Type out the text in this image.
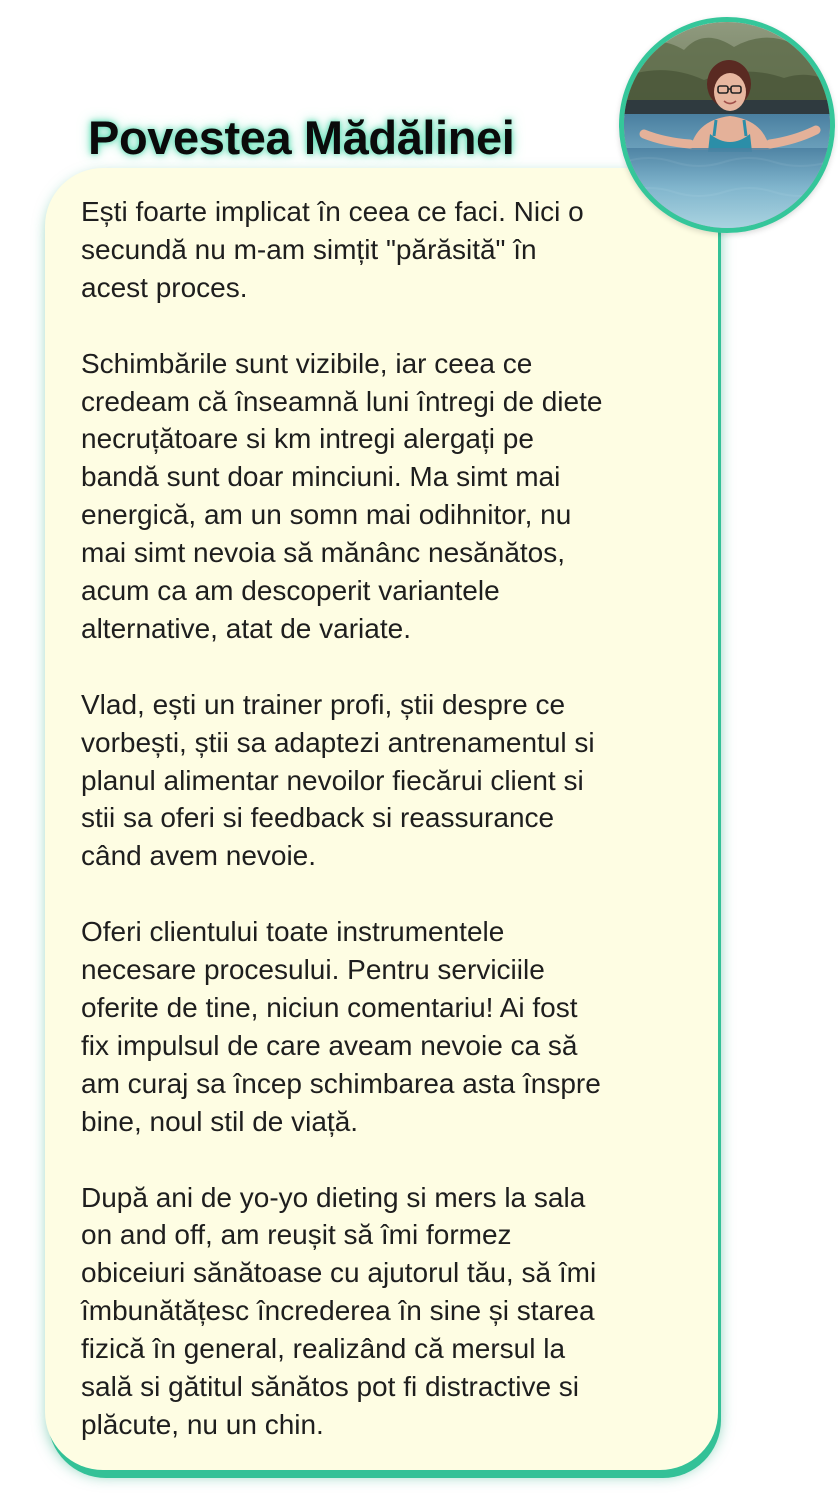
Povestea Mădălinei

Ești foarte implicat în ceea ce faci. Nici o
secundă nu m-am simțit "părăsită" în
acest proces.

Schimbările sunt vizibile, iar ceea ce
credeam că înseamnă luni întregi de diete
necruțătoare si km intregi alergați pe
bandă sunt doar minciuni. Ma simt mai
energică, am un somn mai odihnitor, nu
mai simt nevoia să mănânc nesănătos,
acum ca am descoperit variantele
alternative, atat de variate.

Vlad, ești un trainer profi, știi despre ce
vorbești, știi sa adaptezi antrenamentul si
planul alimentar nevoilor fiecărui client si
stii sa oferi si feedback si reassurance
când avem nevoie.

Oferi clientului toate instrumentele
necesare procesului. Pentru serviciile
oferite de tine, niciun comentariu! Ai fost
fix impulsul de care aveam nevoie ca să
am curaj sa încep schimbarea asta înspre
bine, noul stil de viață.

După ani de yo-yo dieting si mers la sala
on and off, am reușit să îmi formez
obiceiuri sănătoase cu ajutorul tău, să îmi
îmbunătățesc încrederea în sine și starea
fizică în general, realizând că mersul la
sală si gătitul sănătos pot fi distractive si
plăcute, nu un chin.
